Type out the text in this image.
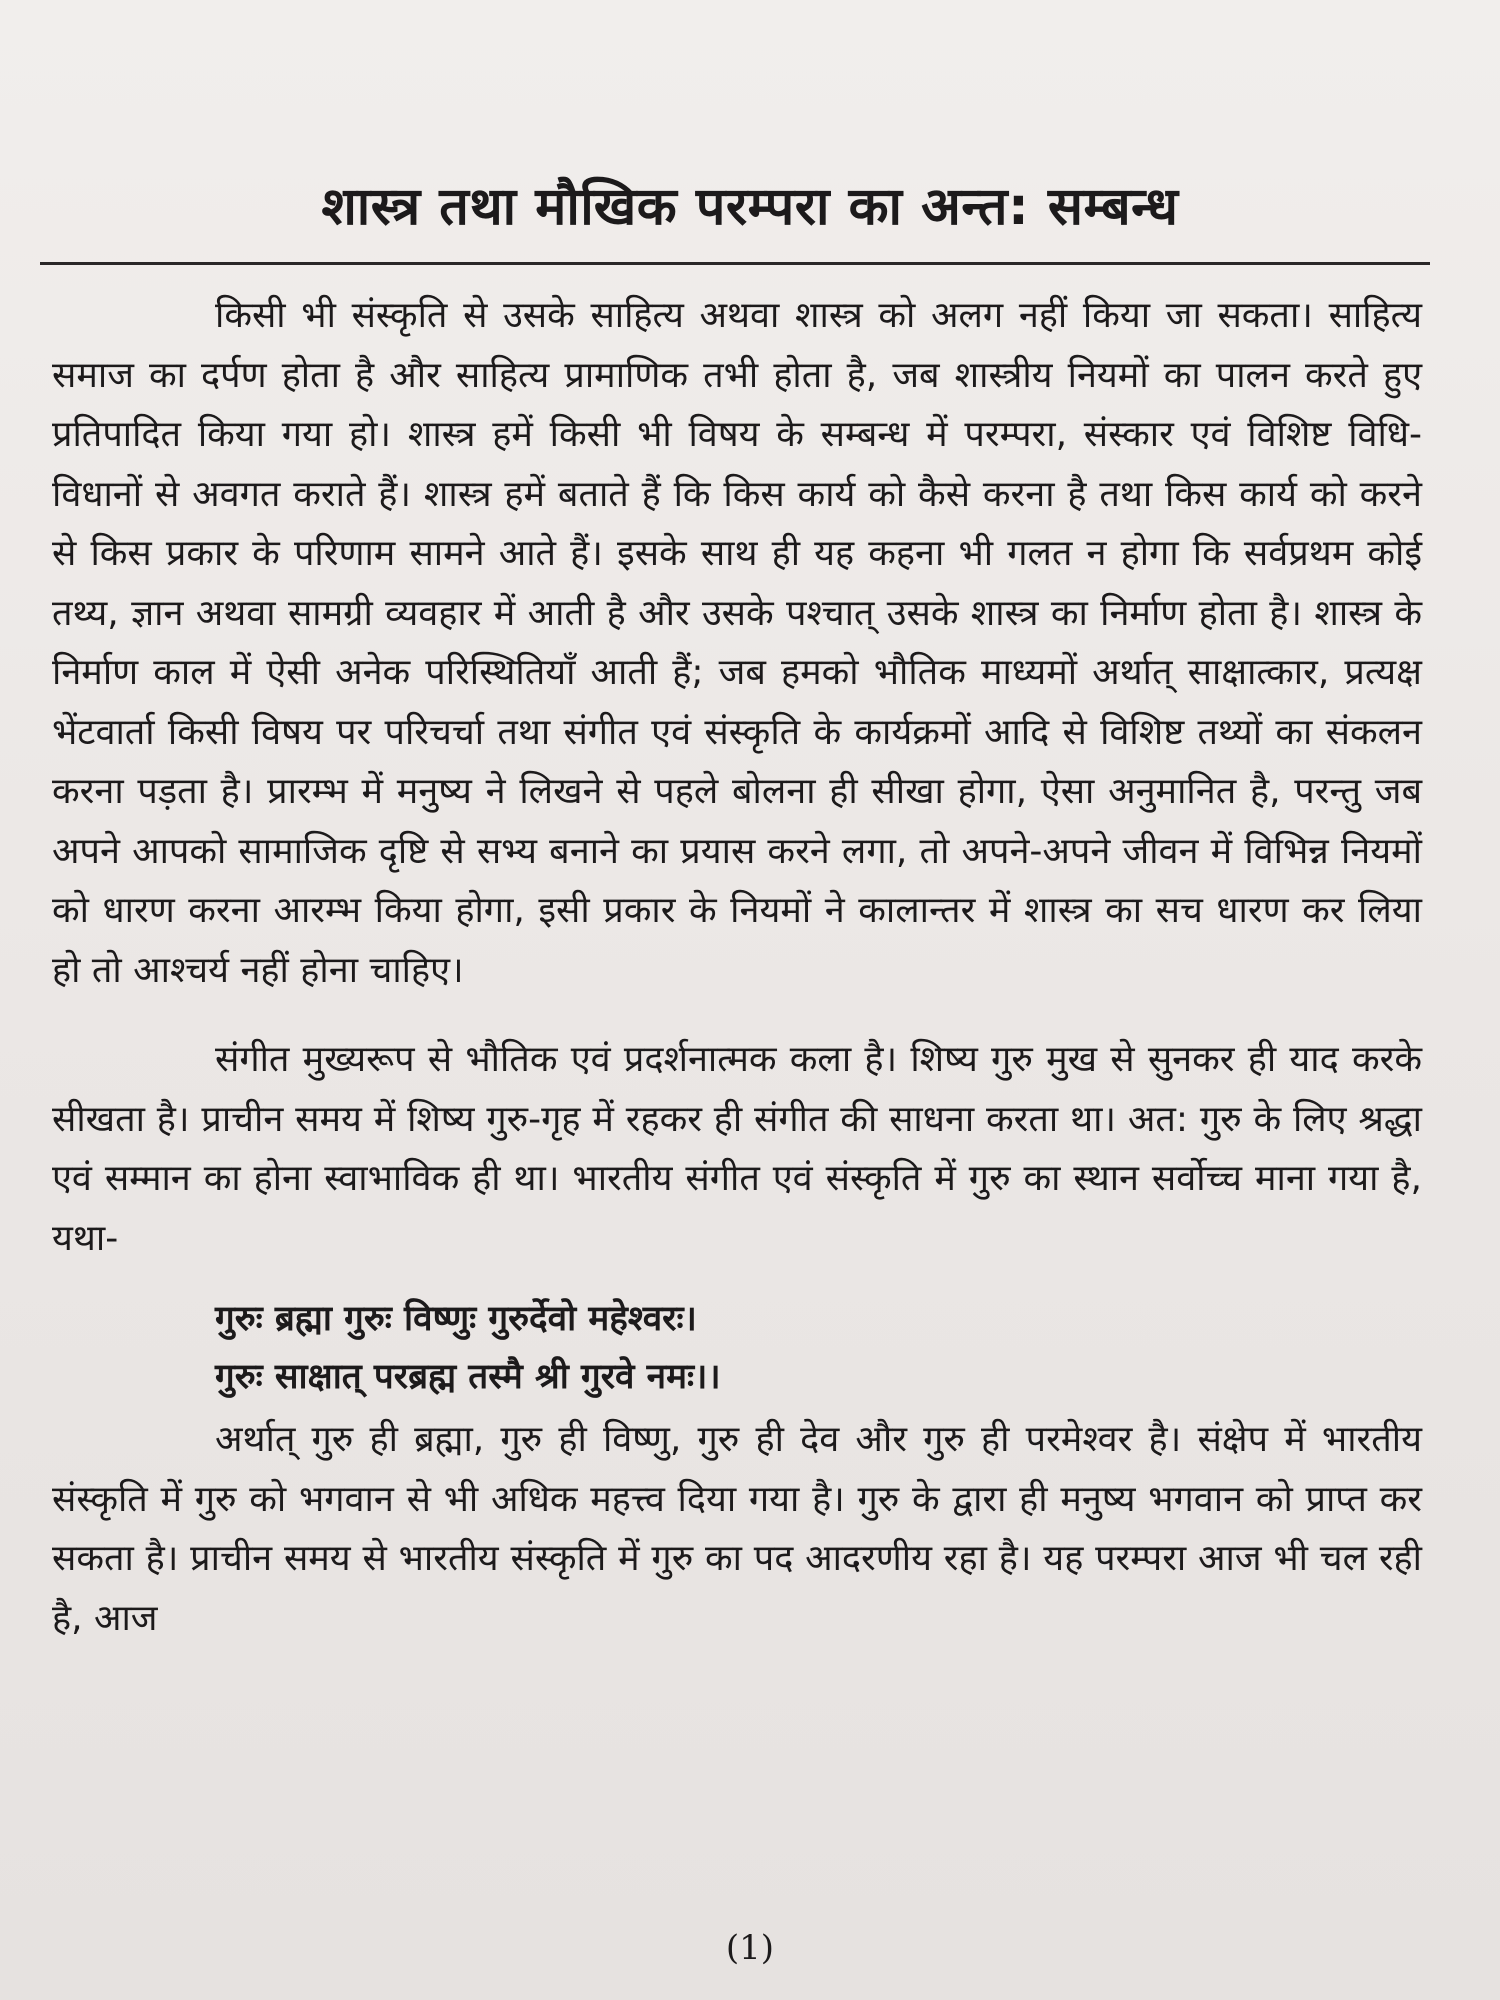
शास्त्र तथा मौखिक परम्परा का अन्त: सम्बन्ध

किसी भी संस्कृति से उसके साहित्य अथवा शास्त्र को अलग नहीं किया जा सकता। साहित्य समाज का दर्पण होता है और साहित्य प्रामाणिक तभी होता है, जब शास्त्रीय नियमों का पालन करते हुए प्रतिपादित किया गया हो। शास्त्र हमें किसी भी विषय के सम्बन्ध में परम्परा, संस्कार एवं विशिष्ट विधि-विधानों से अवगत कराते हैं। शास्त्र हमें बताते हैं कि किस कार्य को कैसे करना है तथा किस कार्य को करने से किस प्रकार के परिणाम सामने आते हैं। इसके साथ ही यह कहना भी गलत न होगा कि सर्वप्रथम कोई तथ्य, ज्ञान अथवा सामग्री व्यवहार में आती है और उसके पश्चात् उसके शास्त्र का निर्माण होता है। शास्त्र के निर्माण काल में ऐसी अनेक परिस्थितियाँ आती हैं; जब हमको भौतिक माध्यमों अर्थात् साक्षात्कार, प्रत्यक्ष भेंटवार्ता किसी विषय पर परिचर्चा तथा संगीत एवं संस्कृति के कार्यक्रमों आदि से विशिष्ट तथ्यों का संकलन करना पड़ता है। प्रारम्भ में मनुष्य ने लिखने से पहले बोलना ही सीखा होगा, ऐसा अनुमानित है, परन्तु जब अपने आपको सामाजिक दृष्टि से सभ्य बनाने का प्रयास करने लगा, तो अपने-अपने जीवन में विभिन्न नियमों को धारण करना आरम्भ किया होगा, इसी प्रकार के नियमों ने कालान्तर में शास्त्र का सच धारण कर लिया हो तो आश्चर्य नहीं होना चाहिए।

संगीत मुख्यरूप से भौतिक एवं प्रदर्शनात्मक कला है। शिष्य गुरु मुख से सुनकर ही याद करके सीखता है। प्राचीन समय में शिष्य गुरु-गृह में रहकर ही संगीत की साधना करता था। अत: गुरु के लिए श्रद्धा एवं सम्मान का होना स्वाभाविक ही था। भारतीय संगीत एवं संस्कृति में गुरु का स्थान सर्वोच्च माना गया है, यथा-

गुरुः ब्रह्मा गुरुः विष्णुः गुरुर्देवो महेश्वरः।
गुरुः साक्षात् परब्रह्म तस्मै श्री गुरवे नमः।।

अर्थात् गुरु ही ब्रह्मा, गुरु ही विष्णु, गुरु ही देव और गुरु ही परमेश्वर है। संक्षेप में भारतीय संस्कृति में गुरु को भगवान से भी अधिक महत्त्व दिया गया है। गुरु के द्वारा ही मनुष्य भगवान को प्राप्त कर सकता है। प्राचीन समय से भारतीय संस्कृति में गुरु का पद आदरणीय रहा है। यह परम्परा आज भी चल रही है, आज

(1)
